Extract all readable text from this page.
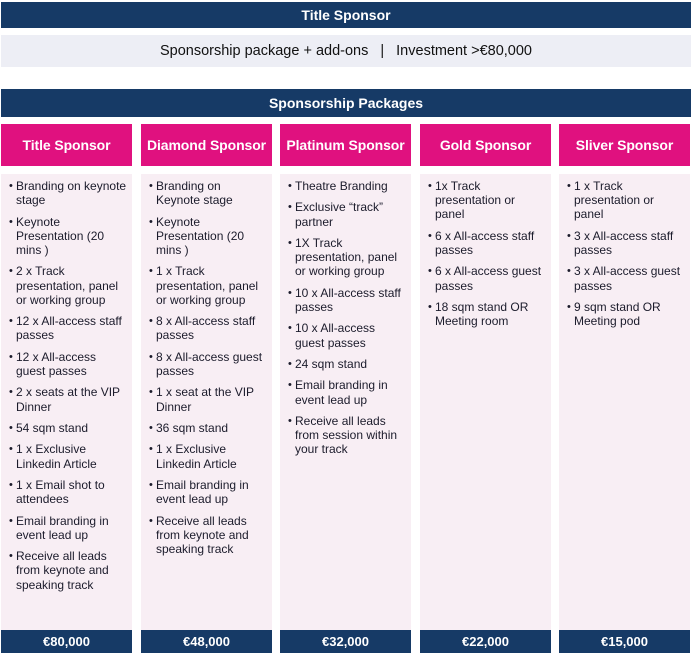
Title Sponsor
Sponsorship package + add-ons | Investment >€80,000
Sponsorship Packages
Title Sponsor
• Branding on keynote stage
• Keynote Presentation (20 mins )
• 2 x Track presentation, panel or working group
• 12 x All-access staff passes
• 12 x All-access guest passes
• 2 x seats at the VIP Dinner
• 54 sqm stand
• 1 x Exclusive Linkedin Article
• 1 x Email shot to attendees
• Email branding in event lead up
• Receive all leads from keynote and speaking track
€80,000
Diamond Sponsor
• Branding on Keynote stage
• Keynote Presentation (20 mins )
• 1 x Track presentation, panel or working group
• 8 x All-access staff passes
• 8 x All-access guest passes
• 1 x seat at the VIP Dinner
• 36 sqm stand
• 1 x Exclusive Linkedin Article
• Email branding in event lead up
• Receive all leads from keynote and speaking track
€48,000
Platinum Sponsor
• Theatre Branding
• Exclusive “track” partner
• 1X Track presentation, panel or working group
• 10 x All-access staff passes
• 10 x All-access guest passes
• 24 sqm stand
• Email branding in event lead up
• Receive all leads from session within your track
€32,000
Gold Sponsor
• 1x Track presentation or panel
• 6 x All-access staff passes
• 6 x All-access guest passes
• 18 sqm stand OR Meeting room
€22,000
Sliver Sponsor
• 1 x Track presentation or panel
• 3 x All-access staff passes
• 3 x All-access guest passes
• 9 sqm stand OR Meeting pod
€15,000
